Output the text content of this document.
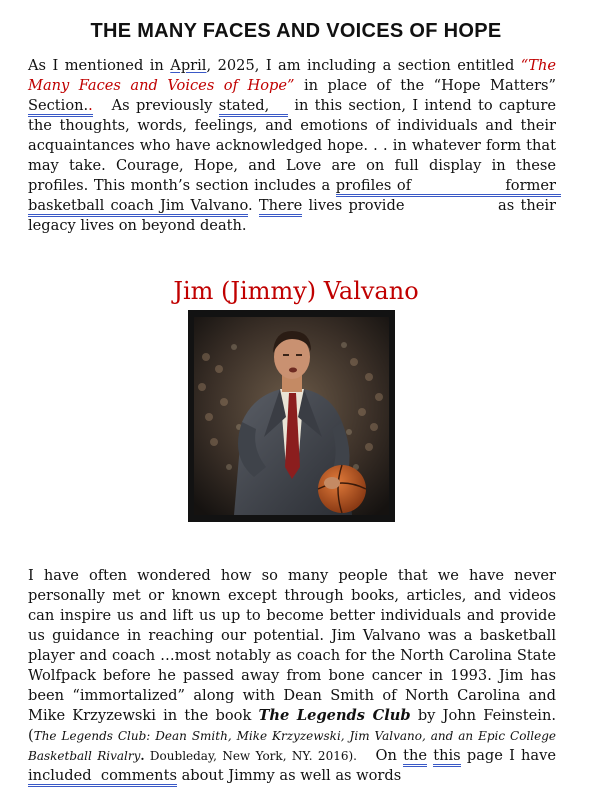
THE MANY FACES AND VOICES OF HOPE

As I mentioned in April, 2025, I am including a section entitled “The Many Faces and Voices of Hope” in place of the “Hope Matters” Section..   As previously stated,    in this section, I intend to capture the thoughts, words, feelings, and emotions of individuals and their acquaintances who have acknowledged hope. . . in whatever form that may take. Courage, Hope, and Love are on full display in these profiles. This month’s section includes a profiles of                 former basketball coach Jim Valvano. There lives provide               as their legacy lives on beyond death.

Jim (Jimmy) Valvano

I have often wondered how so many people that we have never personally met or known except through books, articles, and videos can inspire us and lift us up to become better individuals and provide us guidance in reaching our potential. Jim Valvano was a basketball player and coach …most notably as coach for the North Carolina State Wolfpack before he passed away from bone cancer in 1993. Jim has been “immortalized” along with Dean Smith of North Carolina and Mike Krzyzewski in the book The Legends Club by John Feinstein. (The Legends Club: Dean Smith, Mike Krzyzewski, Jim Valvano, and an Epic College Basketball Rivalry. Doubleday, New York, NY. 2016).   On the this page I have included  comments about Jimmy as well as words
